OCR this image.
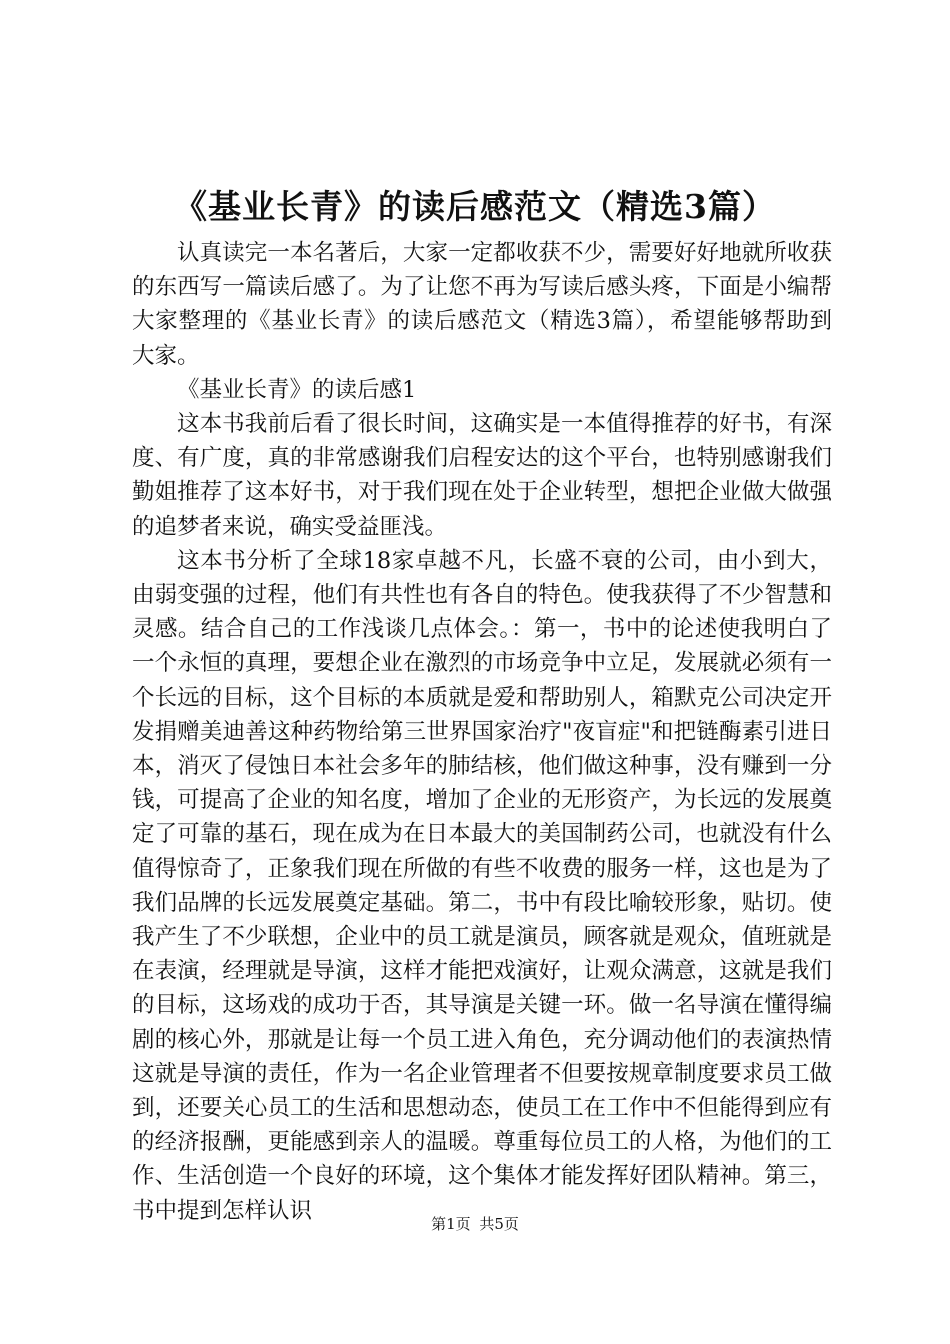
《基业长青》的读后感范文（精选3篇）

认真读完一本名著后，大家一定都收获不少，需要好好地就所收获的东西写一篇读后感了。为了让您不再为写读后感头疼，下面是小编帮大家整理的《基业长青》的读后感范文（精选3篇），希望能够帮助到大家。

《基业长青》的读后感1

这本书我前后看了很长时间，这确实是一本值得推荐的好书，有深度、有广度，真的非常感谢我们启程安达的这个平台，也特别感谢我们勤姐推荐了这本好书，对于我们现在处于企业转型，想把企业做大做强的追梦者来说，确实受益匪浅。

这本书分析了全球18家卓越不凡，长盛不衰的公司，由小到大，由弱变强的过程，他们有共性也有各自的特色。使我获得了不少智慧和灵感。结合自己的工作浅谈几点体会。：第一，书中的论述使我明白了一个永恒的真理，要想企业在激烈的市场竞争中立足，发展就必须有一个长远的目标，这个目标的本质就是爱和帮助别人，箱默克公司决定开发捐赠美迪善这种药物给第三世界国家治疗"夜盲症"和把链酶素引进日本，消灭了侵蚀日本社会多年的肺结核，他们做这种事，没有赚到一分钱，可提高了企业的知名度，增加了企业的无形资产，为长远的发展奠定了可靠的基石，现在成为在日本最大的美国制药公司，也就没有什么值得惊奇了，正象我们现在所做的有些不收费的服务一样，这也是为了我们品牌的长远发展奠定基础。第二，书中有段比喻较形象，贴切。使我产生了不少联想，企业中的员工就是演员，顾客就是观众，值班就是在表演，经理就是导演，这样才能把戏演好，让观众满意，这就是我们的目标，这场戏的成功于否，其导演是关键一环。做一名导演在懂得编剧的核心外，那就是让每一个员工进入角色，充分调动他们的表演热情这就是导演的责任，作为一名企业管理者不但要按规章制度要求员工做到，还要关心员工的生活和思想动态，使员工在工作中不但能得到应有的经济报酬，更能感到亲人的温暖。尊重每位员工的人格，为他们的工作、生活创造一个良好的环境，这个集体才能发挥好团队精神。第三，书中提到怎样认识

第1页 共5页
